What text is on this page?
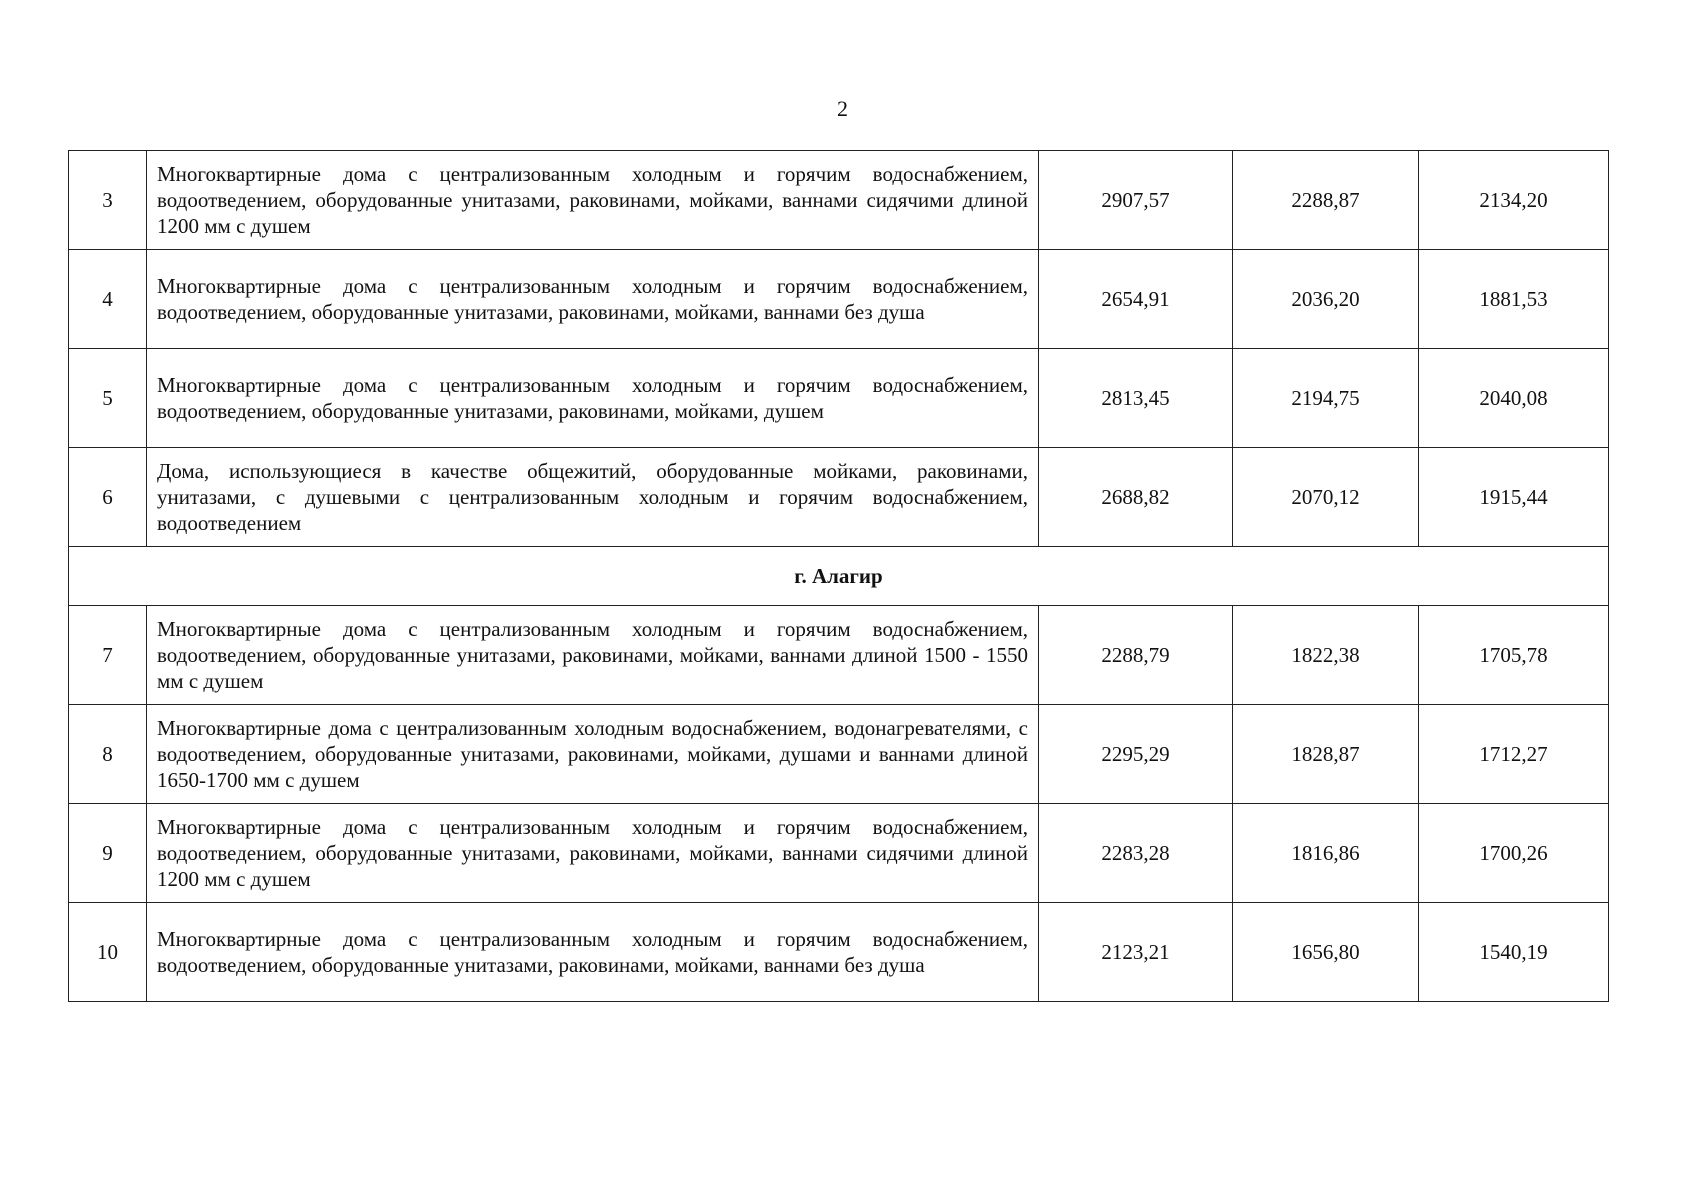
2
3	Многоквартирные дома с централизованным холодным и горячим водоснабжением, водоотведением, оборудованные унитазами, раковинами, мойками, ваннами сидячими длиной 1200 мм с душем	2907,57	2288,87	2134,20
4	Многоквартирные дома с централизованным холодным и горячим водоснабжением, водоотведением, оборудованные унитазами, раковинами, мойками, ваннами без душа	2654,91	2036,20	1881,53
5	Многоквартирные дома с централизованным холодным и горячим водоснабжением, водоотведением, оборудованные унитазами, раковинами, мойками, душем	2813,45	2194,75	2040,08
6	Дома, использующиеся в качестве общежитий, оборудованные мойками, раковинами, унитазами, с душевыми с централизованным холодным и горячим водоснабжением, водоотведением	2688,82	2070,12	1915,44
г. Алагир				
7	Многоквартирные дома с централизованным холодным и горячим водоснабжением, водоотведением, оборудованные унитазами, раковинами, мойками, ваннами длиной 1500 - 1550 мм с душем	2288,79	1822,38	1705,78
8	Многоквартирные дома с централизованным холодным водоснабжением, водонагревателями, с водоотведением, оборудованные унитазами, раковинами, мойками, душами и ваннами длиной 1650-1700 мм с душем	2295,29	1828,87	1712,27
9	Многоквартирные дома с централизованным холодным и горячим водоснабжением, водоотведением, оборудованные унитазами, раковинами, мойками, ваннами сидячими длиной 1200 мм с душем	2283,28	1816,86	1700,26
10	Многоквартирные дома с централизованным холодным и горячим водоснабжением, водоотведением, оборудованные унитазами, раковинами, мойками, ваннами без душа	2123,21	1656,80	1540,19
